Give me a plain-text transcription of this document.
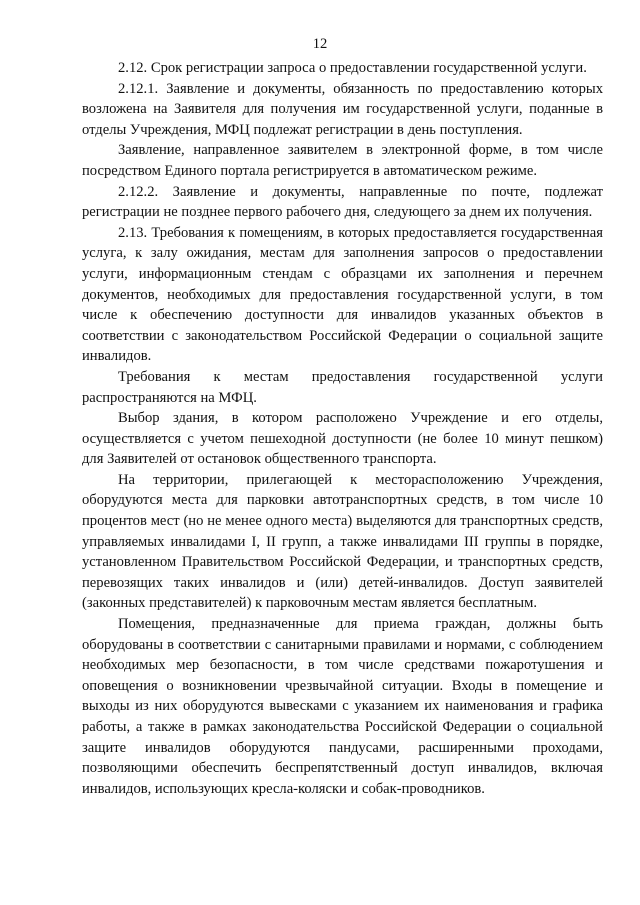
12

2.12. Срок регистрации запроса о предоставлении государственной услуги.

2.12.1. Заявление и документы, обязанность по предоставлению которых возложена на Заявителя для получения им государственной услуги, поданные в отделы Учреждения, МФЦ подлежат регистрации в день поступления.

Заявление, направленное заявителем в электронной форме, в том числе посредством Единого портала регистрируется в автоматическом режиме.

2.12.2. Заявление и документы, направленные по почте, подлежат регистрации не позднее первого рабочего дня, следующего за днем их получения.

2.13. Требования к помещениям, в которых предоставляется государственная услуга, к залу ожидания, местам для заполнения запросов о предоставлении услуги, информационным стендам с образцами их заполнения и перечнем документов, необходимых для предоставления государственной услуги, в том числе к обеспечению доступности для инвалидов указанных объектов в соответствии с законодательством Российской Федерации о социальной защите инвалидов.

Требования к местам предоставления государственной услуги распространяются на МФЦ.

Выбор здания, в котором расположено Учреждение и его отделы, осуществляется с учетом пешеходной доступности (не более 10 минут пешком) для Заявителей от остановок общественного транспорта.

На территории, прилегающей к месторасположению Учреждения, оборудуются места для парковки автотранспортных средств, в том числе 10 процентов мест (но не менее одного места) выделяются для транспортных средств, управляемых инвалидами I, II групп, а также инвалидами III группы в порядке, установленном Правительством Российской Федерации, и транспортных средств, перевозящих таких инвалидов и (или) детей-инвалидов. Доступ заявителей (законных представителей) к парковочным местам является бесплатным.

Помещения, предназначенные для приема граждан, должны быть оборудованы в соответствии с санитарными правилами и нормами, с соблюдением необходимых мер безопасности, в том числе средствами пожаротушения и оповещения о возникновении чрезвычайной ситуации. Входы в помещение и выходы из них оборудуются вывесками с указанием их наименования и графика работы, а также в рамках законодательства Российской Федерации о социальной защите инвалидов оборудуются пандусами, расширенными проходами, позволяющими обеспечить беспрепятственный доступ инвалидов, включая инвалидов, использующих кресла-коляски и собак-проводников.
